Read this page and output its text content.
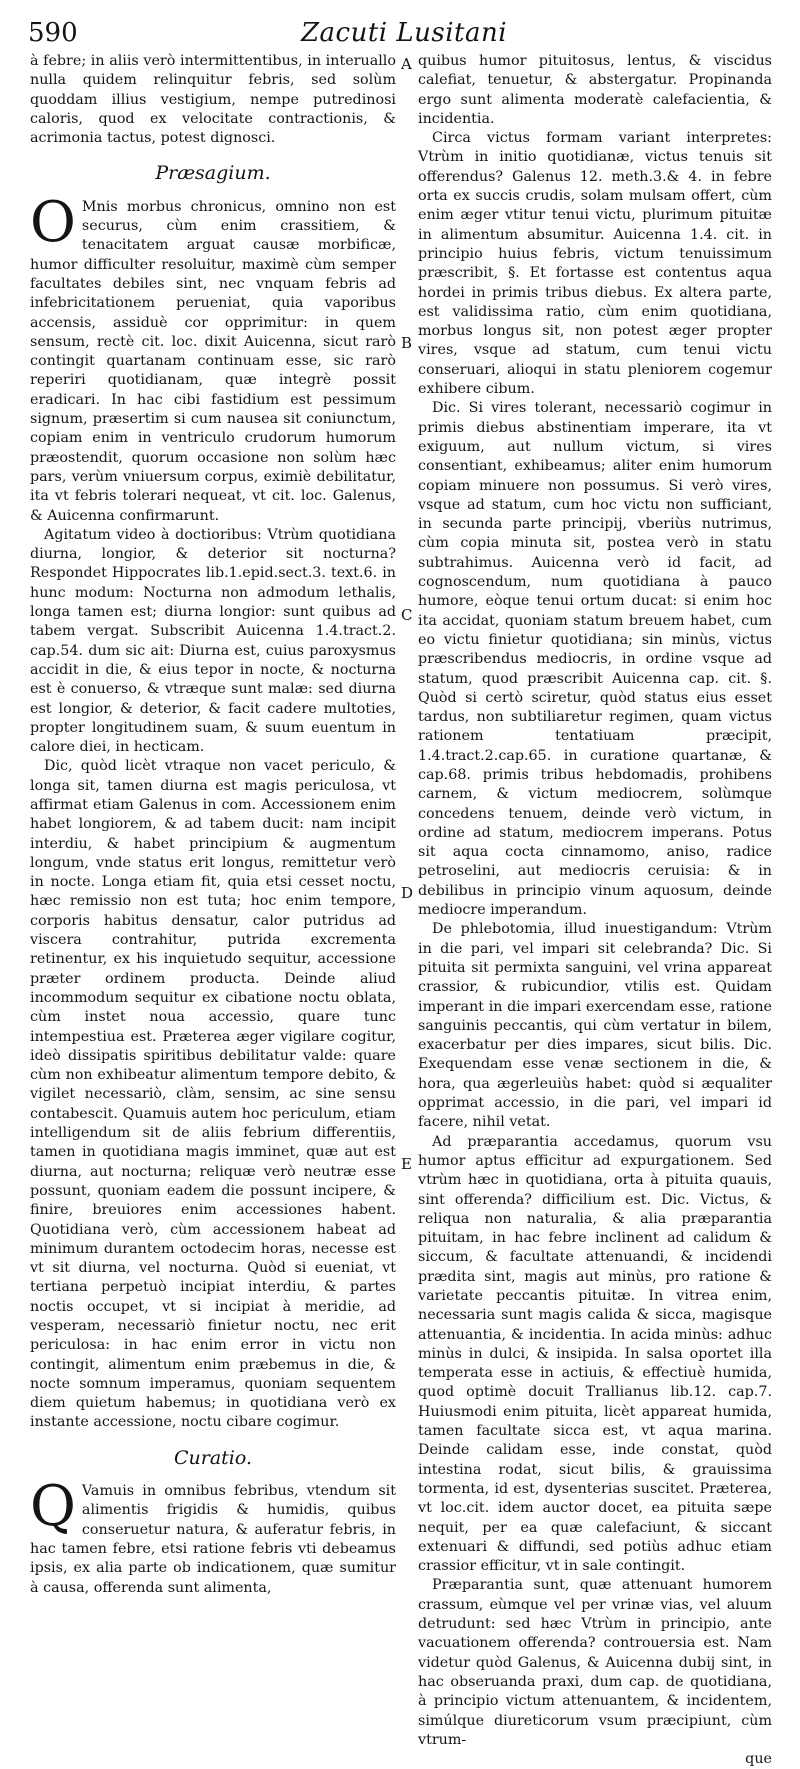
590	Zacuti Lusitani
A
B
C
D
E

à febre; in aliis verò intermittentibus, in interuallo nulla quidem relinquitur febris, sed solùm quoddam illius vestigium, nempe putredinosi caloris, quod ex velocitate contractionis, & acrimonia tactus, potest dignosci.

Præsagium.

O Mnis morbus chronicus, omnino non est securus, cùm enim crassitiem, & tenacitatem arguat causæ morbificæ, humor difficulter resoluitur, maximè cùm semper facultates debiles sint, nec vnquam febris ad infebricitationem perueniat, quia vaporibus accensis, assiduè cor opprimitur: in quem sensum, rectè cit. loc. dixit Auicenna, sicut rarò contingit quartanam continuam esse, sic rarò reperiri quotidianam, quæ integrè possit eradicari. In hac cibi fastidium est pessimum signum, præsertim si cum nausea sit coniunctum, copiam enim in ventriculo crudorum humorum præostendit, quorum occasione non solùm hæc pars, verùm vniuersum corpus, eximiè debilitatur, ita vt febris tolerari nequeat, vt cit. loc. Galenus, & Auicenna confirmarunt.

Agitatum video à doctioribus: Vtrùm quotidiana diurna, longior, & deterior sit nocturna? Respondet Hippocrates lib.1.epid.sect.3. text.6. in hunc modum: Nocturna non admodum lethalis, longa tamen est; diurna longior: sunt quibus ad tabem vergat. Subscribit Auicenna 1.4.tract.2. cap.54. dum sic ait: Diurna est, cuius paroxysmus accidit in die, & eius tepor in nocte, & nocturna est è conuerso, & vtræque sunt malæ: sed diurna est longior, & deterior, & facit cadere multoties, propter longitudinem suam, & suum euentum in calore diei, in hecticam.

Dic, quòd licèt vtraque non vacet periculo, & longa sit, tamen diurna est magis periculosa, vt affirmat etiam Galenus in com. Accessionem enim habet longiorem, & ad tabem ducit: nam incipit interdiu, & habet principium & augmentum longum, vnde status erit longus, remittetur verò in nocte. Longa etiam fit, quia etsi cesset noctu, hæc remissio non est tuta; hoc enim tempore, corporis habitus densatur, calor putridus ad viscera contrahitur, putrida excrementa retinentur, ex his inquietudo sequitur, accessione præter ordinem producta. Deinde aliud incommodum sequitur ex cibatione noctu oblata, cùm instet noua accessio, quare tunc intempestiua est. Præterea æger vigilare cogitur, ideò dissipatis spiritibus debilitatur valde: quare cùm non exhibeatur alimentum tempore debito, & vigilet necessariò, clàm, sensim, ac sine sensu contabescit. Quamuis autem hoc periculum, etiam intelligendum sit de aliis febrium differentiis, tamen in quotidiana magis imminet, quæ aut est diurna, aut nocturna; reliquæ verò neutræ esse possunt, quoniam eadem die possunt incipere, & finire, breuiores enim accessiones habent. Quotidiana verò, cùm accessionem habeat ad minimum durantem octodecim horas, necesse est vt sit diurna, vel nocturna. Quòd si eueniat, vt tertiana perpetuò incipiat interdiu, & partes noctis occupet, vt si incipiat à meridie, ad vesperam, necessariò finietur noctu, nec erit periculosa: in hac enim error in victu non contingit, alimentum enim præbemus in die, & nocte somnum imperamus, quoniam sequentem diem quietum habemus; in quotidiana verò ex instante accessione, noctu cibare cogimur.

Curatio.

Q Vamuis in omnibus febribus, vtendum sit alimentis frigidis & humidis, quibus conseruetur natura, & auferatur febris, in hac tamen febre, etsi ratione febris vti debeamus ipsis, ex alia parte ob indicationem, quæ sumitur à causa, offerenda sunt alimenta,

quibus humor pituitosus, lentus, & viscidus calefiat, tenuetur, & abstergatur. Propinanda ergo sunt alimenta moderatè calefacientia, & incidentia.

Circa victus formam variant interpretes: Vtrùm in initio quotidianæ, victus tenuis sit offerendus? Galenus 12. meth.3.& 4. in febre orta ex succis crudis, solam mulsam offert, cùm enim æger vtitur tenui victu, plurimum pituitæ in alimentum absumitur. Auicenna 1.4. cit. in principio huius febris, victum tenuissimum præscribit, §. Et fortasse est contentus aqua hordei in primis tribus diebus. Ex altera parte, est validissima ratio, cùm enim quotidiana, morbus longus sit, non potest æger propter vires, vsque ad statum, cum tenui victu conseruari, alioqui in statu pleniorem cogemur exhibere cibum.

Dic. Si vires tolerant, necessariò cogimur in primis diebus abstinentiam imperare, ita vt exiguum, aut nullum victum, si vires consentiant, exhibeamus; aliter enim humorum copiam minuere non possumus. Si verò vires, vsque ad statum, cum hoc victu non sufficiant, in secunda parte principij, vberiùs nutrimus, cùm copia minuta sit, postea verò in statu subtrahimus. Auicenna verò id facit, ad cognoscendum, num quotidiana à pauco humore, eòque tenui ortum ducat: si enim hoc ita accidat, quoniam statum breuem habet, cum eo victu finietur quotidiana; sin minùs, victus præscribendus mediocris, in ordine vsque ad statum, quod præscribit Auicenna cap. cit. §. Quòd si certò sciretur, quòd status eius esset tardus, non subtiliaretur regimen, quam victus rationem tentatiuam præcipit, 1.4.tract.2.cap.65. in curatione quartanæ, & cap.68. primis tribus hebdomadis, prohibens carnem, & victum mediocrem, solùmque concedens tenuem, deinde verò victum, in ordine ad statum, mediocrem imperans. Potus sit aqua cocta cinnamomo, aniso, radice petroselini, aut mediocris ceruisia: & in debilibus in principio vinum aquosum, deinde mediocre imperandum.

De phlebotomia, illud inuestigandum: Vtrùm in die pari, vel impari sit celebranda? Dic. Si pituita sit permixta sanguini, vel vrina appareat crassior, & rubicundior, vtilis est. Quidam imperant in die impari exercendam esse, ratione sanguinis peccantis, qui cùm vertatur in bilem, exacerbatur per dies impares, sicut bilis. Dic. Exequendam esse venæ sectionem in die, & hora, qua ægerleuiùs habet: quòd si æqualiter opprimat accessio, in die pari, vel impari id facere, nihil vetat.

Ad præparantia accedamus, quorum vsu humor aptus efficitur ad expurgationem. Sed vtrùm hæc in quotidiana, orta à pituita quauis, sint offerenda? difficilium est. Dic. Victus, & reliqua non naturalia, & alia præparantia pituitam, in hac febre inclinent ad calidum & siccum, & facultate attenuandi, & incidendi prædita sint, magis aut minùs, pro ratione & varietate peccantis pituitæ. In vitrea enim, necessaria sunt magis calida & sicca, magisque attenuantia, & incidentia. In acida minùs: adhuc minùs in dulci, & insipida. In salsa oportet illa temperata esse in actiuis, & effectiuè humida, quod optimè docuit Trallianus lib.12. cap.7. Huiusmodi enim pituita, licèt appareat humida, tamen facultate sicca est, vt aqua marina. Deinde calidam esse, inde constat, quòd intestina rodat, sicut bilis, & grauissima tormenta, id est, dysenterias suscitet. Præterea, vt loc.cit. idem auctor docet, ea pituita sæpe nequit, per ea quæ calefaciunt, & siccant extenuari & diffundi, sed potiùs adhuc etiam crassior efficitur, vt in sale contingit.

Præparantia sunt, quæ attenuant humorem crassum, eùmque vel per vrinæ vias, vel aluum detrudunt: sed hæc Vtrùm in principio, ante vacuationem offerenda? controuersia est. Nam videtur quòd Galenus, & Auicenna dubij sint, in hac obseruanda praxi, dum cap. de quotidiana, à principio victum attenuantem, & incidentem, simúlque diureticorum vsum præcipiunt, cùm vtrum-

que
